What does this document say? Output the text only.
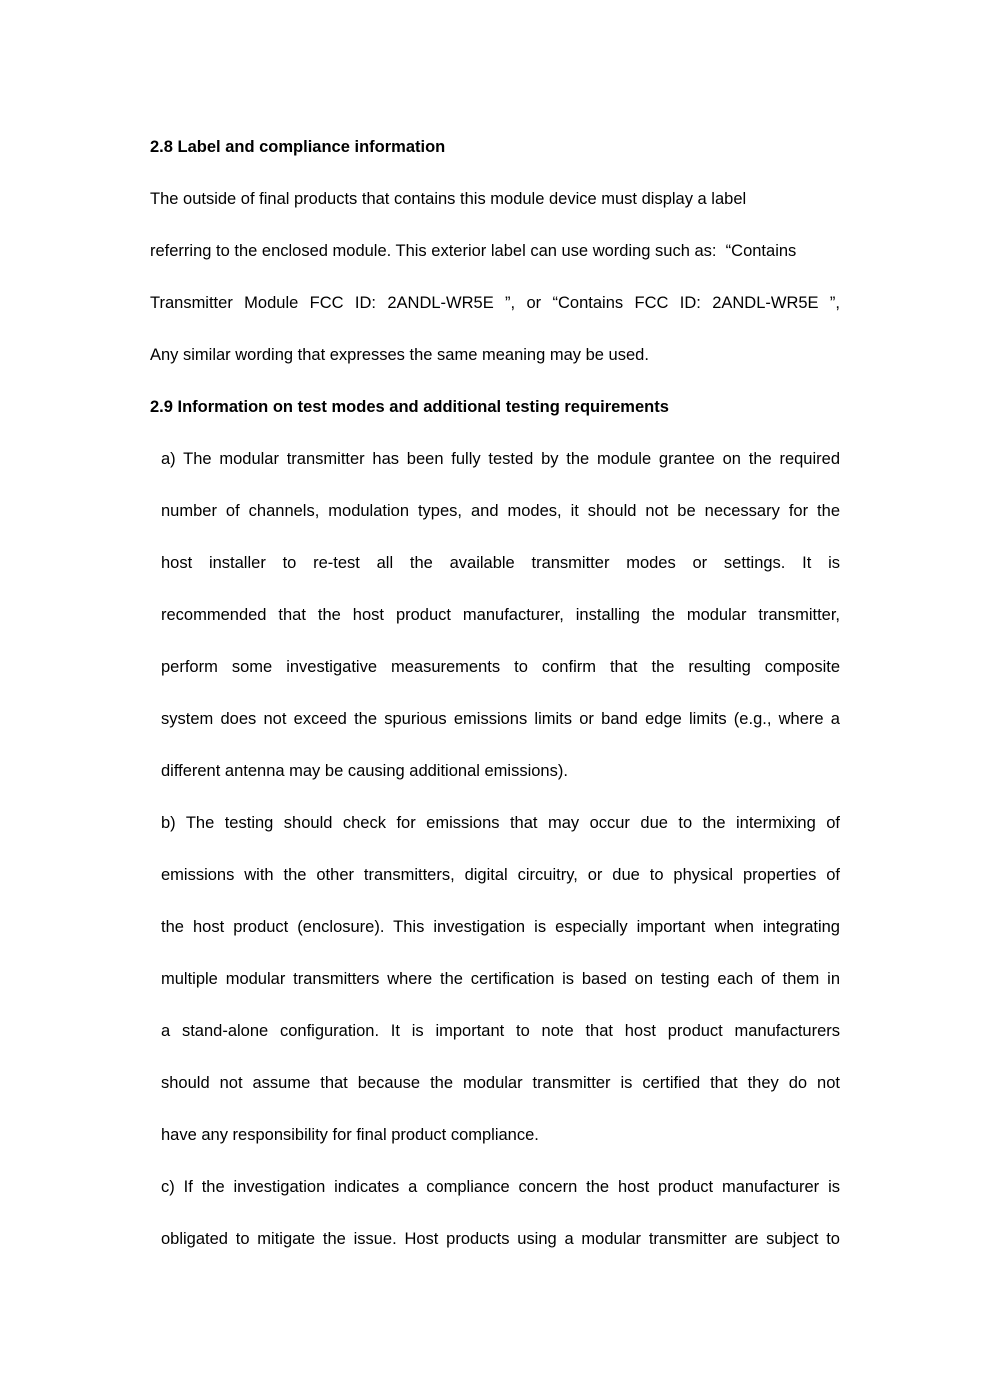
2.8 Label and compliance information
The outside of final products that contains this module device must display a label
referring to the enclosed module. This exterior label can use wording such as:  “Contains
Transmitter Module FCC ID: 2ANDL-WR5E ”, or “Contains FCC ID: 2ANDL-WR5E ”,
Any similar wording that expresses the same meaning may be used.
2.9 Information on test modes and additional testing requirements
a) The modular transmitter has been fully tested by the module grantee on the required
number of channels, modulation types, and modes, it should not be necessary for the
host installer to re-test all the available transmitter modes or settings. It is
recommended that the host product manufacturer, installing the modular transmitter,
perform some investigative measurements to confirm that the resulting composite
system does not exceed the spurious emissions limits or band edge limits (e.g., where a
different antenna may be causing additional emissions).
b) The testing should check for emissions that may occur due to the intermixing of
emissions with the other transmitters, digital circuitry, or due to physical properties of
the host product (enclosure). This investigation is especially important when integrating
multiple modular transmitters where the certification is based on testing each of them in
a stand-alone configuration. It is important to note that host product manufacturers
should not assume that because the modular transmitter is certified that they do not
have any responsibility for final product compliance.
c) If the investigation indicates a compliance concern the host product manufacturer is
obligated to mitigate the issue. Host products using a modular transmitter are subject to
